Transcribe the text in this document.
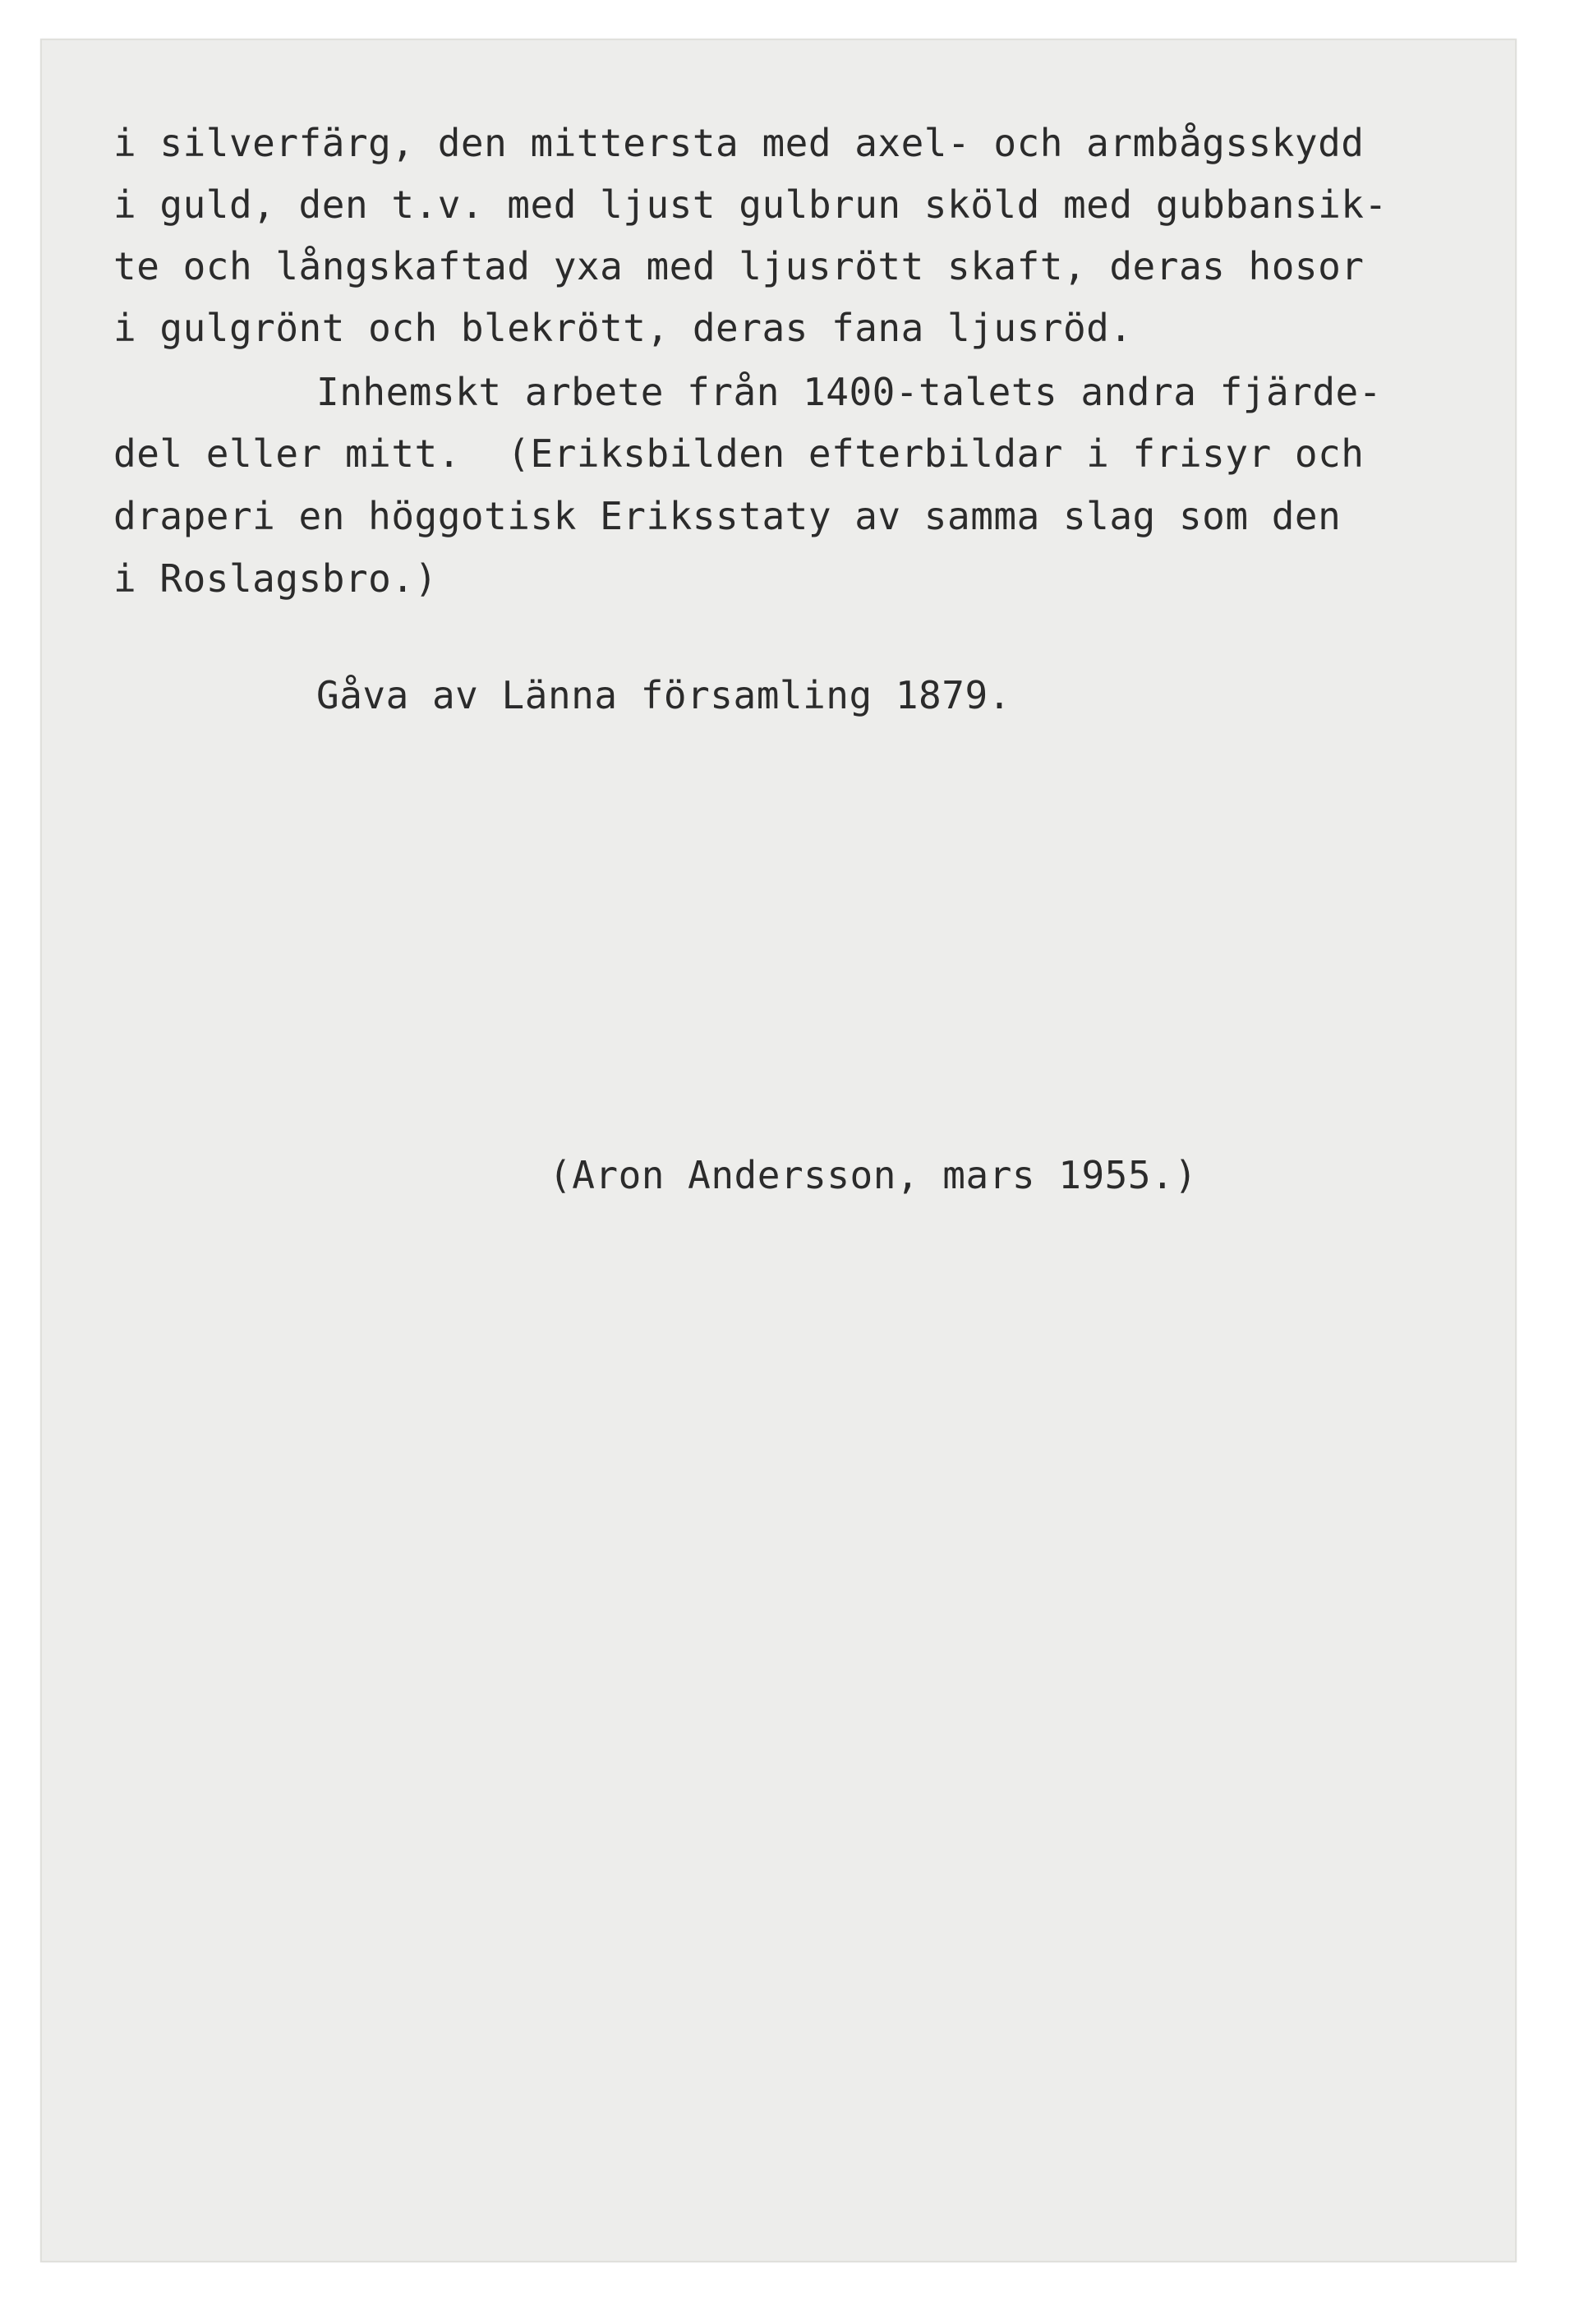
i silverfärg, den mittersta med axel- och armbågsskydd
i guld, den t.v. med ljust gulbrun sköld med gubbansik-
te och långskaftad yxa med ljusrött skaft, deras hosor
i gulgrönt och blekrött, deras fana ljusröd.
Inhemskt arbete från 1400-talets andra fjärde-
del eller mitt.  (Eriksbilden efterbildar i frisyr och
draperi en höggotisk Eriksstaty av samma slag som den
i Roslagsbro.)
Gåva av Länna församling 1879.
(Aron Andersson, mars 1955.)
